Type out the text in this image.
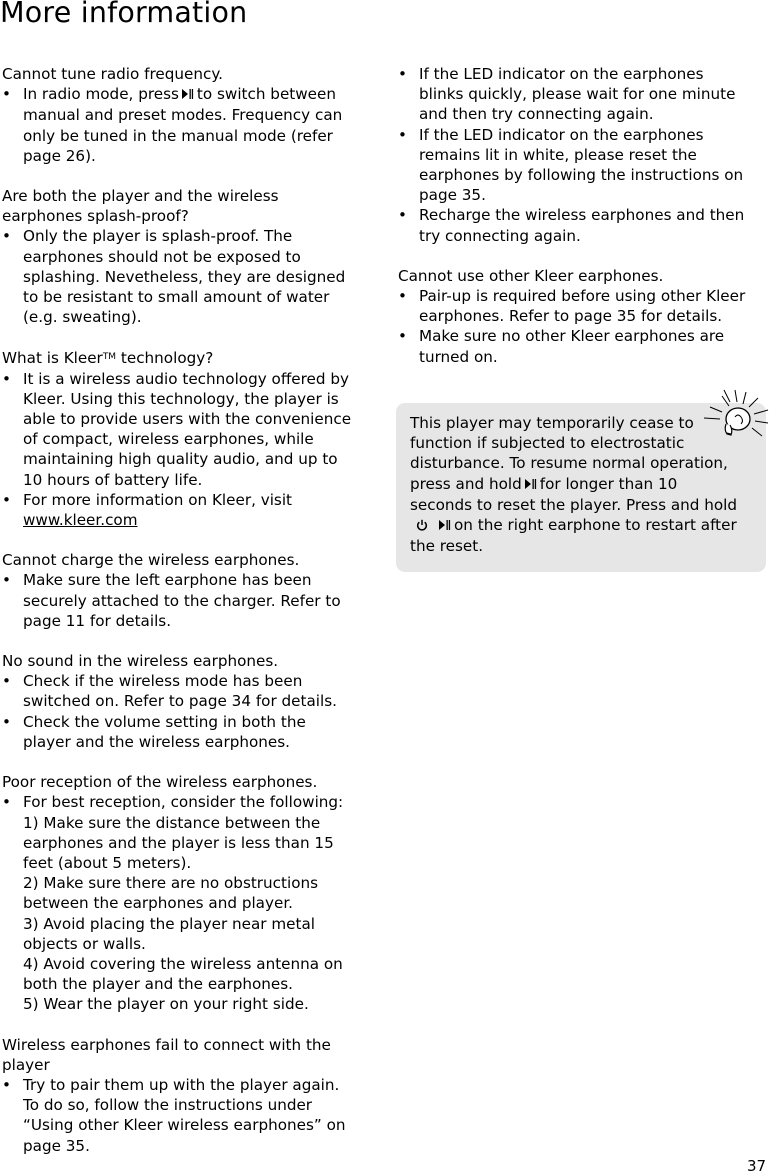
More information
Cannot tune radio frequency.
• In radio mode, press to switch between
manual and preset modes. Frequency can
only be tuned in the manual mode (refer
page 26).
Are both the player and the wireless
earphones splash-proof?
• Only the player is splash-proof. The
earphones should not be exposed to
splashing. Nevetheless, they are designed
to be resistant to small amount of water
(e.g. sweating).
What is Kleer™ technology?
• It is a wireless audio technology offered by
Kleer. Using this technology, the player is
able to provide users with the convenience
of compact, wireless earphones, while
maintaining high quality audio, and up to
10 hours of battery life.
• For more information on Kleer, visit
www.kleer.com
Cannot charge the wireless earphones.
• Make sure the left earphone has been
securely attached to the charger. Refer to
page 11 for details.
No sound in the wireless earphones.
• Check if the wireless mode has been
switched on. Refer to page 34 for details.
• Check the volume setting in both the
player and the wireless earphones.
Poor reception of the wireless earphones.
• For best reception, consider the following:
1) Make sure the distance between the
earphones and the player is less than 15
feet (about 5 meters).
2) Make sure there are no obstructions
between the earphones and player.
3) Avoid placing the player near metal
objects or walls.
4) Avoid covering the wireless antenna on
both the player and the earphones.
5) Wear the player on your right side.
Wireless earphones fail to connect with the
player
• Try to pair them up with the player again.
To do so, follow the instructions under
“Using other Kleer wireless earphones” on
page 35.
• If the LED indicator on the earphones
blinks quickly, please wait for one minute
and then try connecting again.
• If the LED indicator on the earphones
remains lit in white, please reset the
earphones by following the instructions on
page 35.
• Recharge the wireless earphones and then
try connecting again.
Cannot use other Kleer earphones.
• Pair-up is required before using other Kleer
earphones. Refer to page 35 for details.
• Make sure no other Kleer earphones are
turned on.
This player may temporarily cease to
function if subjected to electrostatic
disturbance. To resume normal operation,
press and hold for longer than 10
seconds to reset the player. Press and hold
on the right earphone to restart after
the reset.
37
